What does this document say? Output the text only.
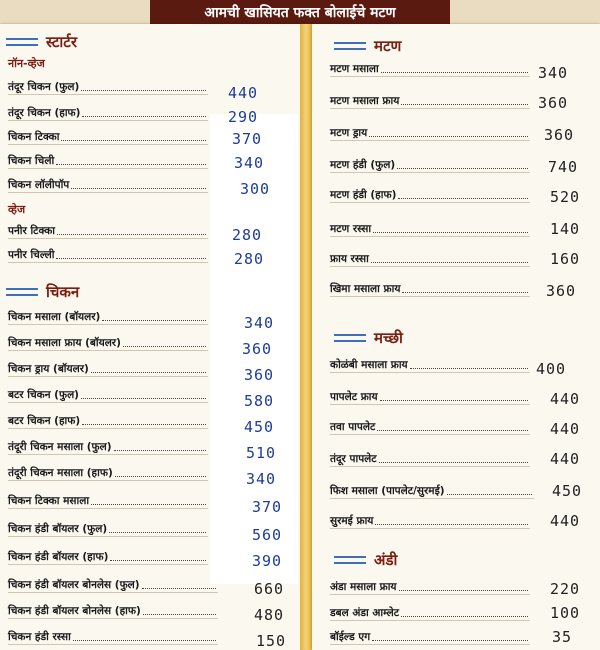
आमची खासियत फक्त बोलाईचे मटण
स्टार्टर
नॉन-व्हेज
तंदूर चिकन (फुल)	440
तंदूर चिकन (हाफ)	290
चिकन टिक्का	370
चिकन चिली	340
चिकन लॉलीपॉप	300
व्हेज
पनीर टिक्का	280
पनीर चिल्ली	280
चिकन
चिकन मसाला (बॉयलर)	340
चिकन मसाला फ्राय (बॉयलर)	360
चिकन ड्राय (बॉयलर)	360
बटर चिकन (फुल)	580
बटर चिकन (हाफ)	450
तंदूरी चिकन मसाला (फुल)	510
तंदूरी चिकन मसाला (हाफ)	340
चिकन टिक्का मसाला	370
चिकन हंडी बॉयलर (फुल)	560
चिकन हंडी बॉयलर (हाफ)	390
चिकन हंडी बॉयलर बोनलेस (फुल)	660
चिकन हंडी बॉयलर बोनलेस (हाफ)	480
चिकन हंडी रस्सा	150
मटण
मटण मसाला	340
मटण मसाला फ्राय	360
मटण ड्राय	360
मटण हंडी (फुल)	740
मटण हंडी (हाफ)	520
मटण रस्सा	140
फ्राय रस्सा	160
खिमा मसाला फ्राय	360
मच्छी
कोळंबी मसाला फ्राय	400
पापलेट फ्राय	440
तवा पापलेट	440
तंदूर पापलेट	440
फिश मसाला (पापलेट/सुरमई)	450
सुरमई फ्राय	440
अंडी
अंडा मसाला फ्राय	220
डबल अंडा आम्लेट	100
बॉईल्ड एग	35
